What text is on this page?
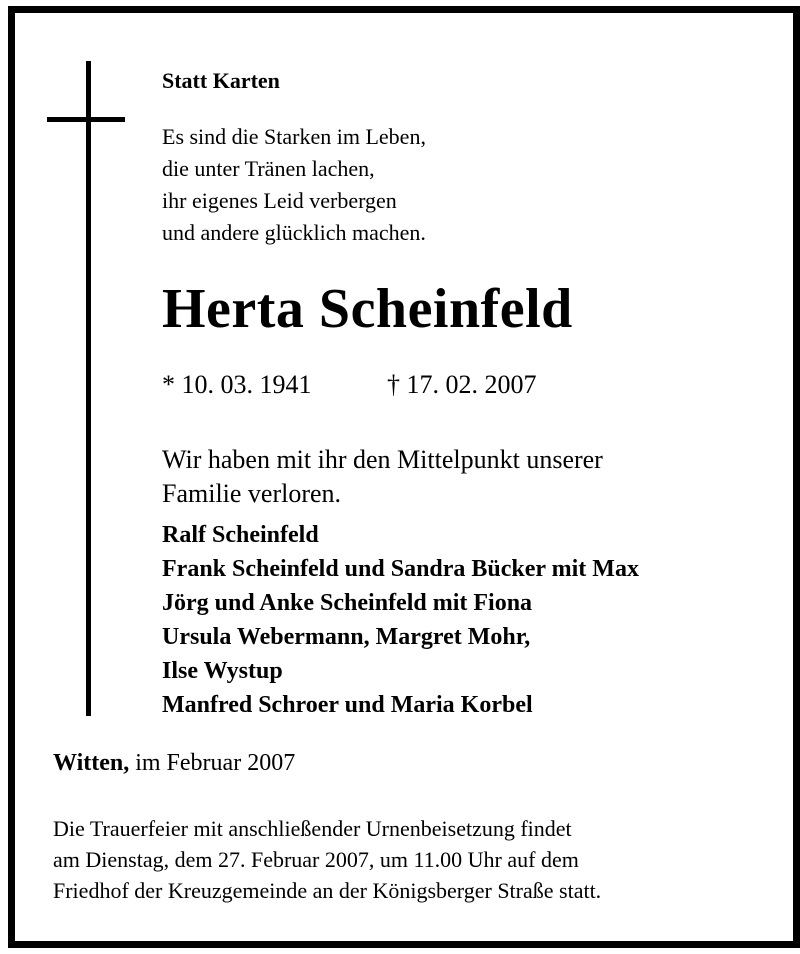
Statt Karten
Es sind die Starken im Leben,
die unter Tränen lachen,
ihr eigenes Leid verbergen
und andere glücklich machen.
Herta Scheinfeld
* 10. 03. 1941	† 17. 02. 2007
Wir haben mit ihr den Mittelpunkt unserer
Familie verloren.
Ralf Scheinfeld
Frank Scheinfeld und Sandra Bücker mit Max
Jörg und Anke Scheinfeld mit Fiona
Ursula Webermann, Margret Mohr,
Ilse Wystup
Manfred Schroer und Maria Korbel
Witten, im Februar 2007
Die Trauerfeier mit anschließender Urnenbeisetzung findet
am Dienstag, dem 27. Februar 2007, um 11.00 Uhr auf dem
Friedhof der Kreuzgemeinde an der Königsberger Straße statt.
